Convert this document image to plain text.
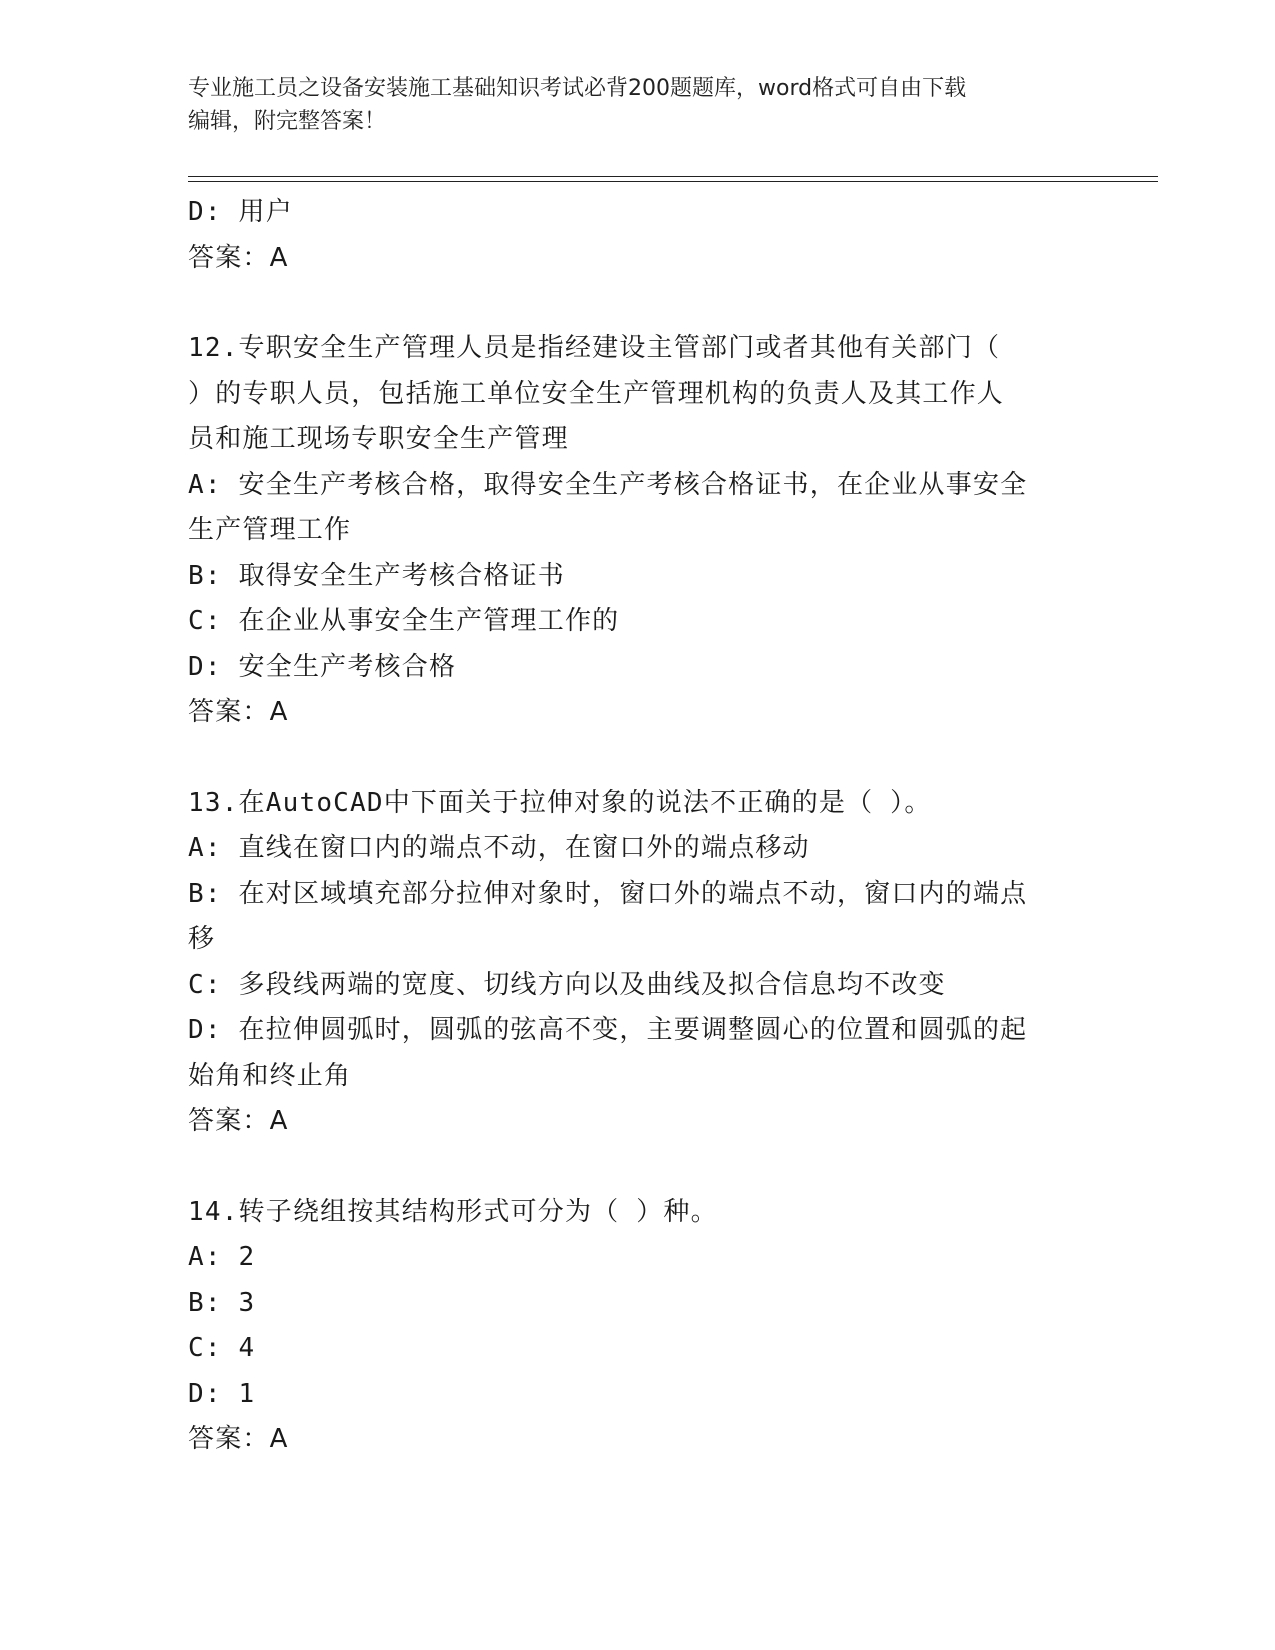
专业施工员之设备安装施工基础知识考试必背200题题库，word格式可自由下载
编辑，附完整答案！
D: 用户
答案：A
12.专职安全生产管理人员是指经建设主管部门或者其他有关部门（
）的专职人员，包括施工单位安全生产管理机构的负责人及其工作人
员和施工现场专职安全生产管理
A: 安全生产考核合格，取得安全生产考核合格证书，在企业从事安全
生产管理工作
B: 取得安全生产考核合格证书
C: 在企业从事安全生产管理工作的
D: 安全生产考核合格
答案：A
13.在AutoCAD中下面关于拉伸对象的说法不正确的是（ ）。
A: 直线在窗口内的端点不动，在窗口外的端点移动
B: 在对区域填充部分拉伸对象时，窗口外的端点不动，窗口内的端点
移
C: 多段线两端的宽度、切线方向以及曲线及拟合信息均不改变
D: 在拉伸圆弧时，圆弧的弦高不变，主要调整圆心的位置和圆弧的起
始角和终止角
答案：A
14.转子绕组按其结构形式可分为（ ）种。
A: 2
B: 3
C: 4
D: 1
答案：A
